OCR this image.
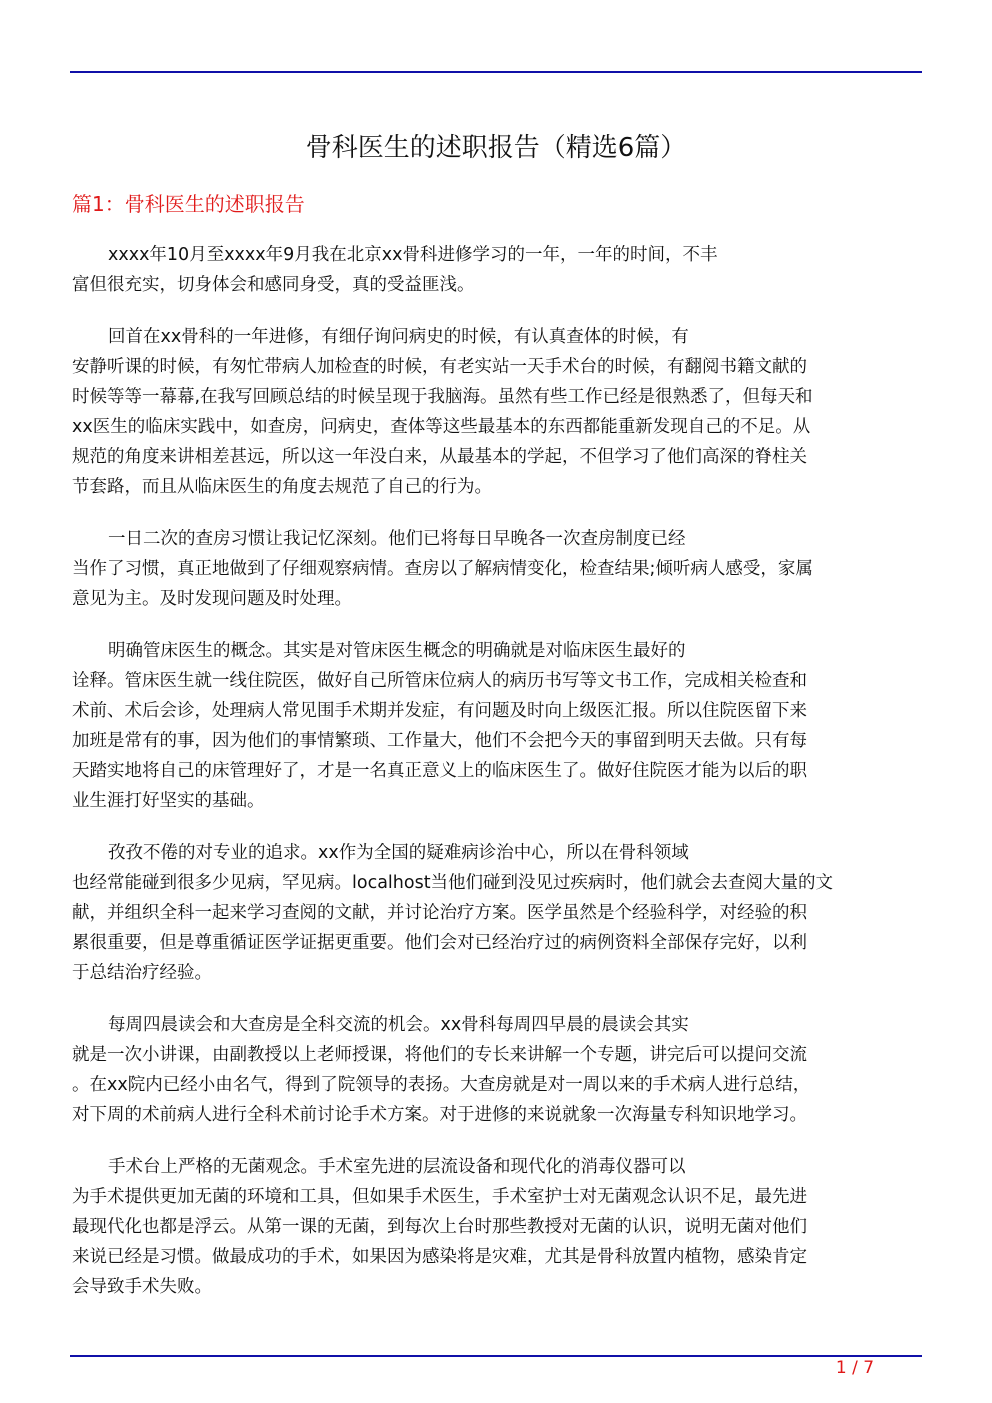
骨科医生的述职报告（精选6篇）
篇1：骨科医生的述职报告
xxxx年10月至xxxx年9月我在北京xx骨科进修学习的一年，一年的时间，不丰
富但很充实，切身体会和感同身受，真的受益匪浅。
回首在xx骨科的一年进修，有细仔询问病史的时候，有认真查体的时候，有
安静听课的时候，有匆忙带病人加检查的时候，有老实站一天手术台的时候，有翻阅书籍文献的
时候等等一幕幕,在我写回顾总结的时候呈现于我脑海。虽然有些工作已经是很熟悉了，但每天和
xx医生的临床实践中，如查房，问病史，查体等这些最基本的东西都能重新发现自己的不足。从
规范的角度来讲相差甚远，所以这一年没白来，从最基本的学起，不但学习了他们高深的脊柱关
节套路，而且从临床医生的角度去规范了自己的行为。
一日二次的查房习惯让我记忆深刻。他们已将每日早晚各一次查房制度已经
当作了习惯，真正地做到了仔细观察病情。查房以了解病情变化，检查结果;倾听病人感受，家属
意见为主。及时发现问题及时处理。
明确管床医生的概念。其实是对管床医生概念的明确就是对临床医生最好的
诠释。管床医生就一线住院医，做好自己所管床位病人的病历书写等文书工作，完成相关检查和
术前、术后会诊，处理病人常见围手术期并发症，有问题及时向上级医汇报。所以住院医留下来
加班是常有的事，因为他们的事情繁琐、工作量大，他们不会把今天的事留到明天去做。只有每
天踏实地将自己的床管理好了，才是一名真正意义上的临床医生了。做好住院医才能为以后的职
业生涯打好坚实的基础。
孜孜不倦的对专业的追求。xx作为全国的疑难病诊治中心，所以在骨科领域
也经常能碰到很多少见病，罕见病。localhost当他们碰到没见过疾病时，他们就会去查阅大量的文
献，并组织全科一起来学习查阅的文献，并讨论治疗方案。医学虽然是个经验科学，对经验的积
累很重要，但是尊重循证医学证据更重要。他们会对已经治疗过的病例资料全部保存完好，以利
于总结治疗经验。
每周四晨读会和大查房是全科交流的机会。xx骨科每周四早晨的晨读会其实
就是一次小讲课，由副教授以上老师授课，将他们的专长来讲解一个专题，讲完后可以提问交流
。在xx院内已经小由名气，得到了院领导的表扬。大查房就是对一周以来的手术病人进行总结，
对下周的术前病人进行全科术前讨论手术方案。对于进修的来说就象一次海量专科知识地学习。
手术台上严格的无菌观念。手术室先进的层流设备和现代化的消毒仪器可以
为手术提供更加无菌的环境和工具，但如果手术医生，手术室护士对无菌观念认识不足，最先进
最现代化也都是浮云。从第一课的无菌，到每次上台时那些教授对无菌的认识，说明无菌对他们
来说已经是习惯。做最成功的手术，如果因为感染将是灾难，尤其是骨科放置内植物，感染肯定
会导致手术失败。
1 / 7
